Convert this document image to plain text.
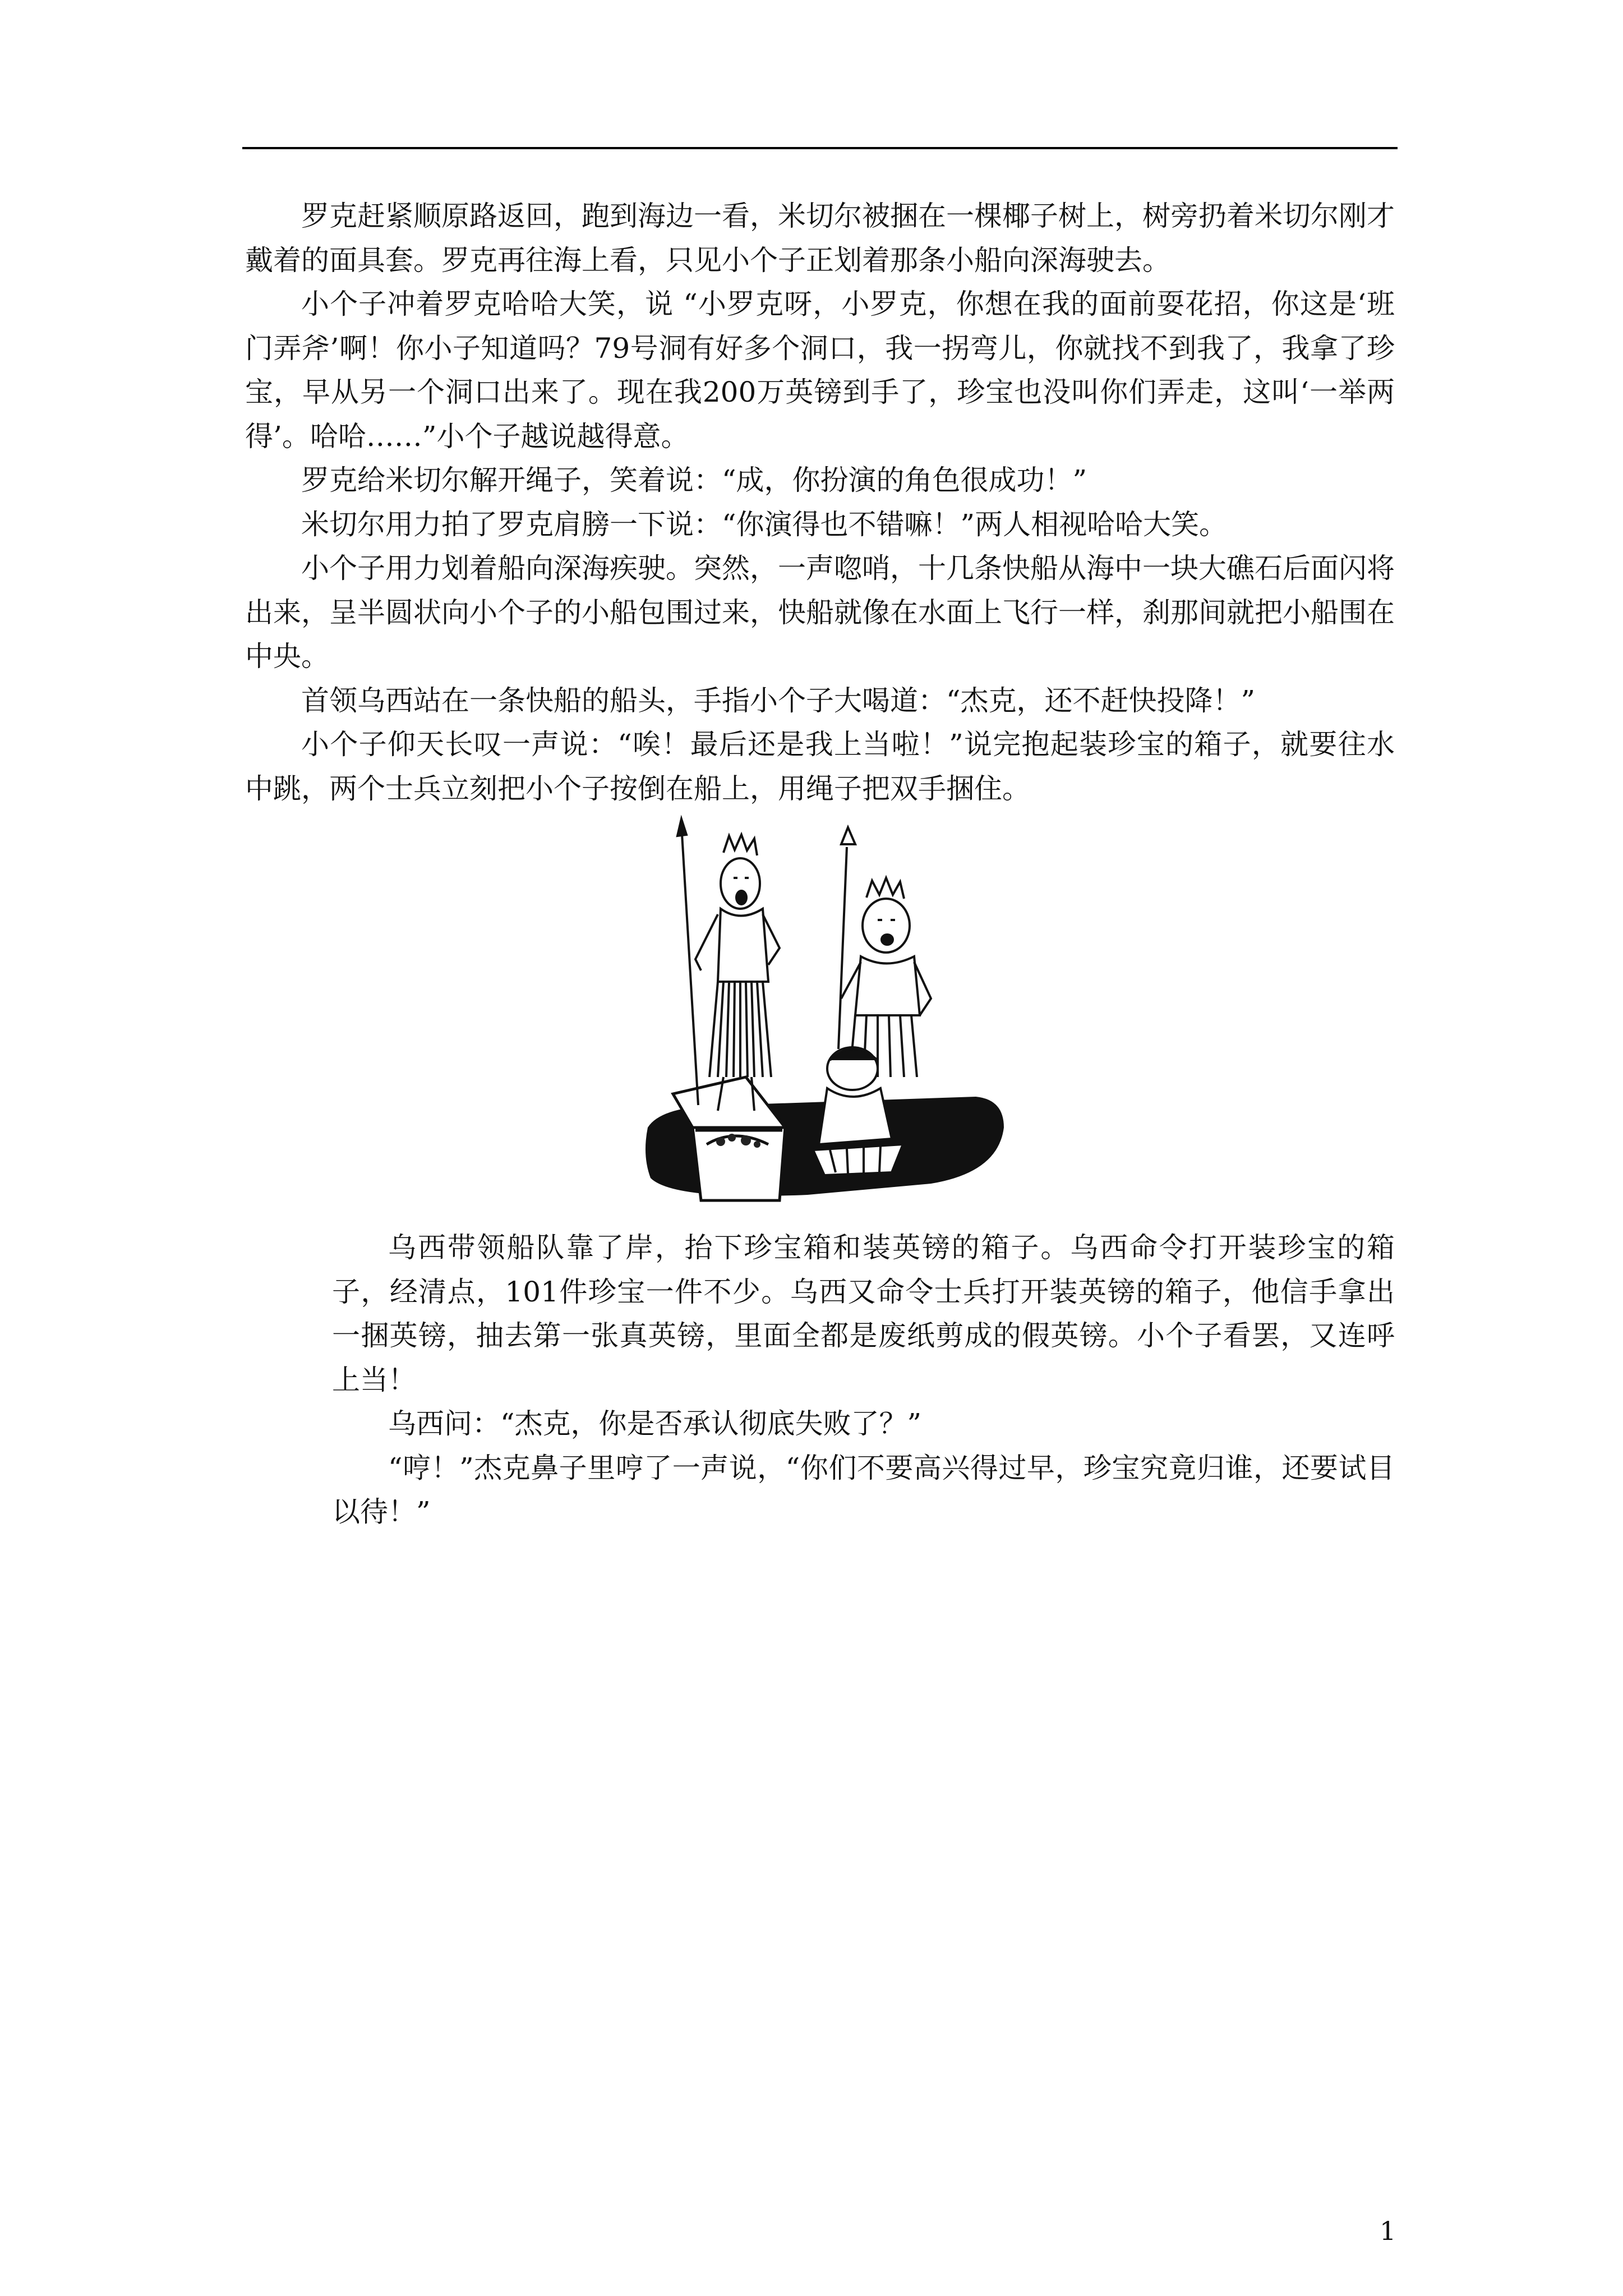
罗克赶紧顺原路返回，跑到海边一看，米切尔被捆在一棵椰子树上，树旁扔着米切尔刚才戴着的面具套。罗克再往海上看，只见小个子正划着那条小船向深海驶去。

小个子冲着罗克哈哈大笑，说 “小罗克呀，小罗克，你想在我的面前耍花招，你这是‘班门弄斧’啊！你小子知道吗？79号洞有好多个洞口，我一拐弯儿，你就找不到我了，我拿了珍宝，早从另一个洞口出来了。现在我200万英镑到手了，珍宝也没叫你们弄走，这叫‘一举两得’。哈哈……”小个子越说越得意。

罗克给米切尔解开绳子，笑着说：“成，你扮演的角色很成功！”

米切尔用力拍了罗克肩膀一下说：“你演得也不错嘛！”两人相视哈哈大笑。

小个子用力划着船向深海疾驶。突然，一声唿哨，十几条快船从海中一块大礁石后面闪将出来，呈半圆状向小个子的小船包围过来，快船就像在水面上飞行一样，刹那间就把小船围在中央。

首领乌西站在一条快船的船头，手指小个子大喝道：“杰克，还不赶快投降！”

小个子仰天长叹一声说：“唉！最后还是我上当啦！”说完抱起装珍宝的箱子，就要往水中跳，两个士兵立刻把小个子按倒在船上，用绳子把双手捆住。

乌西带领船队靠了岸，抬下珍宝箱和装英镑的箱子。乌西命令打开装珍宝的箱子，经清点，101件珍宝一件不少。乌西又命令士兵打开装英镑的箱子，他信手拿出一捆英镑，抽去第一张真英镑，里面全都是废纸剪成的假英镑。小个子看罢，又连呼上当！

乌西问：“杰克，你是否承认彻底失败了？”

“哼！”杰克鼻子里哼了一声说，“你们不要高兴得过早，珍宝究竟归谁，还要试目以待！”

1
